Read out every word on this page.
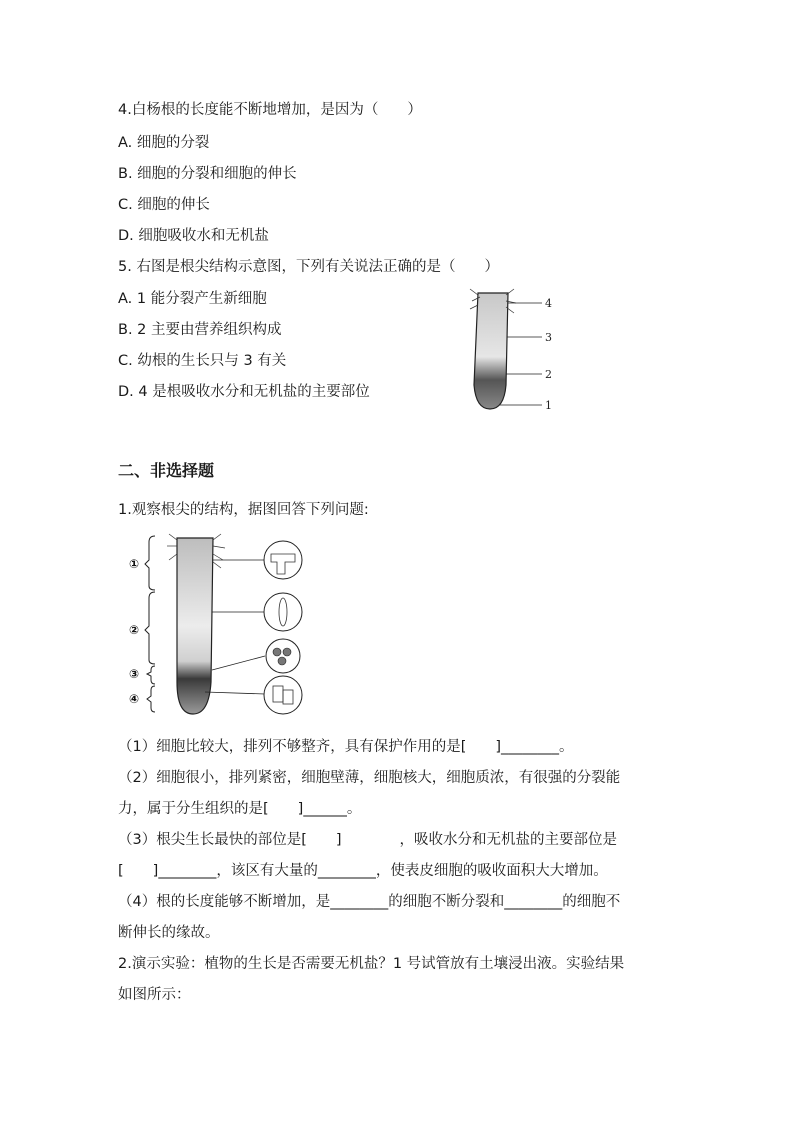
4.白杨根的长度能不断地增加，是因为（　　）
A. 细胞的分裂
B. 细胞的分裂和细胞的伸长
C. 细胞的伸长
D. 细胞吸收水和无机盐
5. 右图是根尖结构示意图，下列有关说法正确的是（　　）
A. 1 能分裂产生新细胞
B. 2 主要由营养组织构成
C. 幼根的生长只与 3 有关
D. 4 是根吸收水分和无机盐的主要部位
4
3
2
1
二、非选择题
1.观察根尖的结构，据图回答下列问题:
①
②
③
④
（1）细胞比较大，排列不够整齐，具有保护作用的是[　　]________。
（2）细胞很小，排列紧密，细胞壁薄，细胞核大，细胞质浓，有很强的分裂能
力，属于分生组织的是[　　]______。
（3）根尖生长最快的部位是[　　]　　　　，吸收水分和无机盐的主要部位是
[　　]________，该区有大量的________，使表皮细胞的吸收面积大大增加。
（4）根的长度能够不断增加，是________的细胞不断分裂和________的细胞不
断伸长的缘故。
2.演示实验：植物的生长是否需要无机盐？1 号试管放有土壤浸出液。实验结果
如图所示：
